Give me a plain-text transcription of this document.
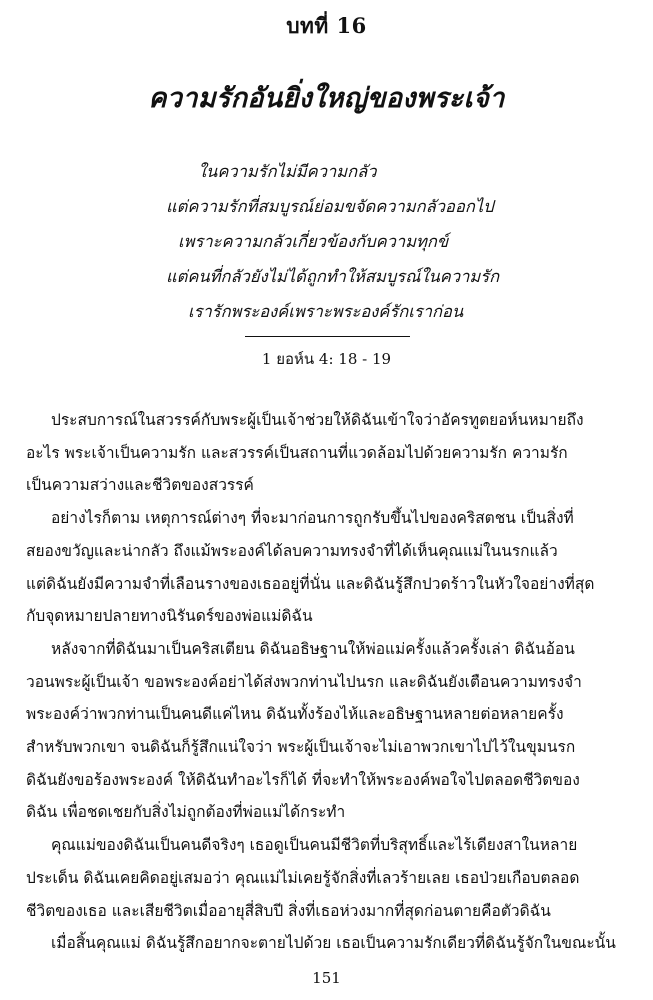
บทที่ 16
ความรักอันยิ่งใหญ่ของพระเจ้า
ในความรักไม่มีความกลัว
แต่ความรักที่สมบูรณ์ย่อมขจัดความกลัวออกไป
เพราะความกลัวเกี่ยวข้องกับความทุกข์
แต่คนที่กลัวยังไม่ได้ถูกทำให้สมบูรณ์ในความรัก
เรารักพระองค์เพราะพระองค์รักเราก่อน
1 ยอห์น 4: 18 - 19
ประสบการณ์ในสวรรค์กับพระผู้เป็นเจ้าช่วยให้ดิฉันเข้าใจว่าอัครทูตยอห์นหมายถึง
อะไร พระเจ้าเป็นความรัก และสวรรค์เป็นสถานที่แวดล้อมไปด้วยความรัก ความรัก
เป็นความสว่างและชีวิตของสวรรค์
อย่างไรก็ตาม เหตุการณ์ต่างๆ ที่จะมาก่อนการถูกรับขึ้นไปของคริสตชน เป็นสิ่งที่
สยองขวัญและน่ากลัว ถึงแม้พระองค์ได้ลบความทรงจำที่ได้เห็นคุณแม่ในนรกแล้ว
แต่ดิฉันยังมีความจำที่เลือนรางของเธออยู่ที่นั่น และดิฉันรู้สึกปวดร้าวในหัวใจอย่างที่สุด
กับจุดหมายปลายทางนิรันดร์ของพ่อแม่ดิฉัน
หลังจากที่ดิฉันมาเป็นคริสเตียน ดิฉันอธิษฐานให้พ่อแม่ครั้งแล้วครั้งเล่า ดิฉันอ้อน
วอนพระผู้เป็นเจ้า ขอพระองค์อย่าได้ส่งพวกท่านไปนรก และดิฉันยังเตือนความทรงจำ
พระองค์ว่าพวกท่านเป็นคนดีแค่ไหน ดิฉันทั้งร้องไห้และอธิษฐานหลายต่อหลายครั้ง
สำหรับพวกเขา จนดิฉันก็รู้สึกแน่ใจว่า พระผู้เป็นเจ้าจะไม่เอาพวกเขาไปไว้ในขุมนรก
ดิฉันยังขอร้องพระองค์ ให้ดิฉันทำอะไรก็ได้ ที่จะทำให้พระองค์พอใจไปตลอดชีวิตของ
ดิฉัน เพื่อชดเชยกับสิ่งไม่ถูกต้องที่พ่อแม่ได้กระทำ
คุณแม่ของดิฉันเป็นคนดีจริงๆ เธอดูเป็นคนมีชีวิตที่บริสุทธิ์และไร้เดียงสาในหลาย
ประเด็น ดิฉันเคยคิดอยู่เสมอว่า คุณแม่ไม่เคยรู้จักสิ่งที่เลวร้ายเลย เธอป่วยเกือบตลอด
ชีวิตของเธอ และเสียชีวิตเมื่ออายุสี่สิบปี สิ่งที่เธอห่วงมากที่สุดก่อนตายคือตัวดิฉัน
เมื่อสิ้นคุณแม่ ดิฉันรู้สึกอยากจะตายไปด้วย เธอเป็นความรักเดียวที่ดิฉันรู้จักในขณะนั้น
151
